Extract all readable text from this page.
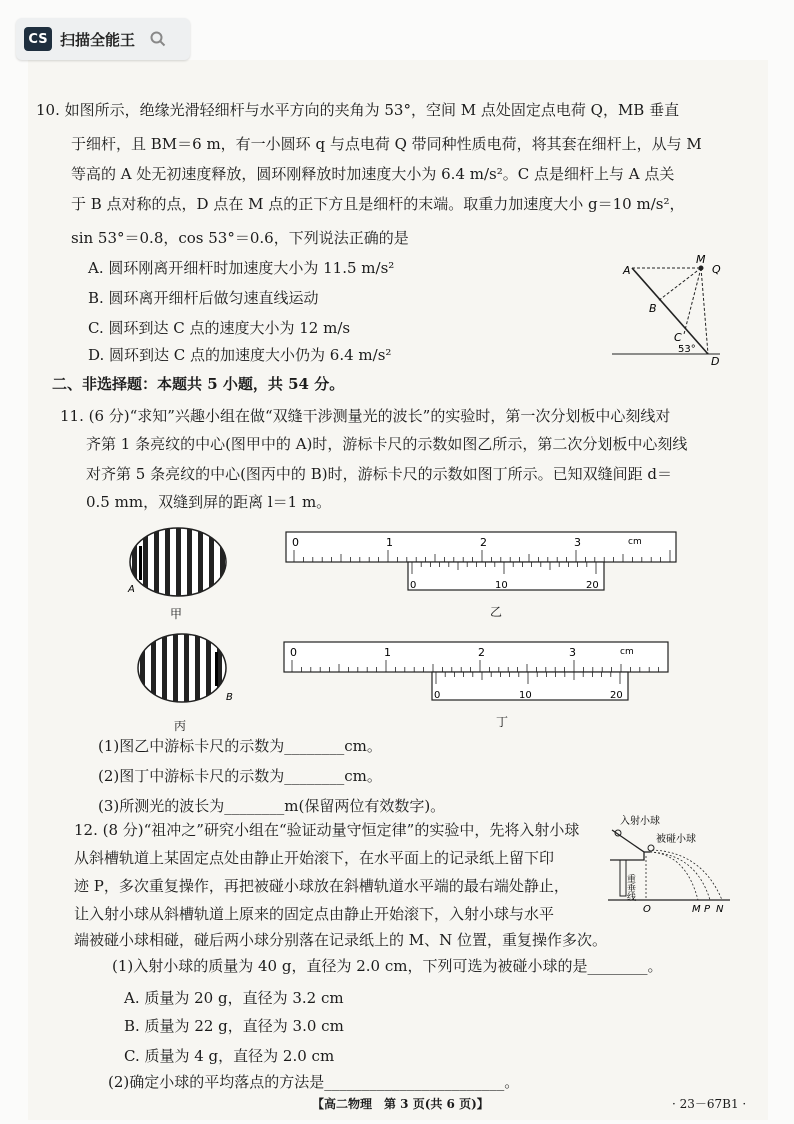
CS 扫描全能王
10. 如图所示，绝缘光滑轻细杆与水平方向的夹角为 53°，空间 M 点处固定点电荷 Q，MB 垂直
于细杆，且 BM＝6 m，有一小圆环 q 与点电荷 Q 带同种性质电荷，将其套在细杆上，从与 M
等高的 A 处无初速度释放，圆环刚释放时加速度大小为 6.4 m/s²。C 点是细杆上与 A 点关
于 B 点对称的点，D 点在 M 点的正下方且是细杆的末端。取重力加速度大小 g＝10 m/s²，
sin 53°＝0.8，cos 53°＝0.6，下列说法正确的是
A. 圆环刚离开细杆时加速度大小为 11.5 m/s²
B. 圆环离开细杆后做匀速直线运动
C. 圆环到达 C 点的速度大小为 12 m/s
D. 圆环到达 C 点的加速度大小仍为 6.4 m/s²
A
M
Q
B
C
D
53°
二、非选择题：本题共 5 小题，共 54 分。
11. (6 分)“求知”兴趣小组在做“双缝干涉测量光的波长”的实验时，第一次分划板中心刻线对
齐第 1 条亮纹的中心(图甲中的 A)时，游标卡尺的示数如图乙所示，第二次分划板中心刻线
对齐第 5 条亮纹的中心(图丙中的 B)时，游标卡尺的示数如图丁所示。已知双缝间距 d＝
0.5 mm，双缝到屏的距离 l＝1 m。
A
甲
B
丙
0	1	2	3	cm
0	10	20
乙
0	1	2	3	cm
0	10	20
丁
(1)图乙中游标卡尺的示数为________cm。
(2)图丁中游标卡尺的示数为________cm。
(3)所测光的波长为________m(保留两位有效数字)。
12. (8 分)“祖冲之”研究小组在“验证动量守恒定律”的实验中，先将入射小球
从斜槽轨道上某固定点处由静止开始滚下，在水平面上的记录纸上留下印
迹 P，多次重复操作，再把被碰小球放在斜槽轨道水平端的最右端处静止，
让入射小球从斜槽轨道上原来的固定点由静止开始滚下，入射小球与水平
端被碰小球相碰，碰后两小球分别落在记录纸上的 M、N 位置，重复操作多次。
(1)入射小球的质量为 40 g，直径为 2.0 cm，下列可选为被碰小球的是________。
A. 质量为 20 g，直径为 3.2 cm
B. 质量为 22 g，直径为 3.0 cm
C. 质量为 4 g，直径为 2.0 cm
(2)确定小球的平均落点的方法是________________________。
入射小球
被碰小球
重垂线
O	M P N
【高二物理　第 3 页(共 6 页)】	· 23－67B1 ·
